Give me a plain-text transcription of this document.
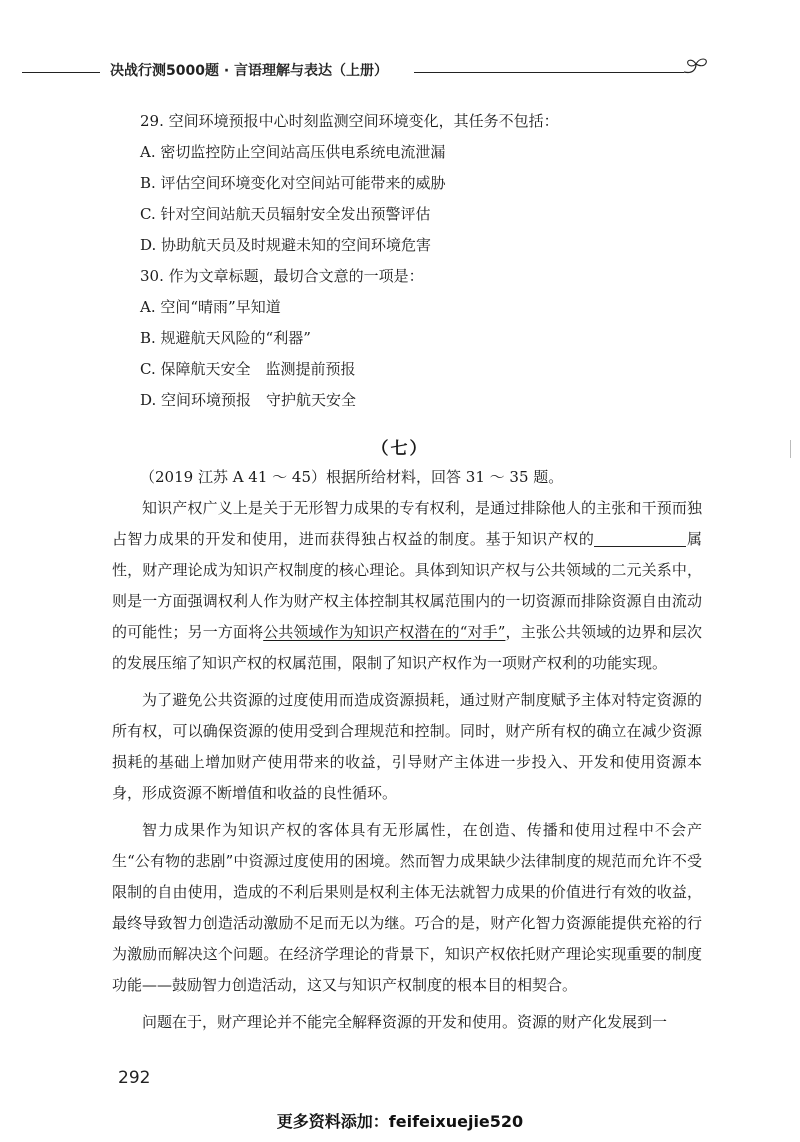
决战行测5000题 · 言语理解与表达（上册）
29. 空间环境预报中心时刻监测空间环境变化，其任务不包括：
A. 密切监控防止空间站高压供电系统电流泄漏
B. 评估空间环境变化对空间站可能带来的威胁
C. 针对空间站航天员辐射安全发出预警评估
D. 协助航天员及时规避未知的空间环境危害
30. 作为文章标题，最切合文意的一项是：
A. 空间“晴雨”早知道
B. 规避航天风险的“利器”
C. 保障航天安全　监测提前预报
D. 空间环境预报　守护航天安全
（七）
（2019 江苏 A 41 ～ 45）根据所给材料，回答 31 ～ 35 题。

知识产权广义上是关于无形智力成果的专有权利，是通过排除他人的主张和干预而独占智力成果的开发和使用，进而获得独占权益的制度。基于知识产权的	属性，财产理论成为知识产权制度的核心理论。具体到知识产权与公共领域的二元关系中，则是一方面强调权利人作为财产权主体控制其权属范围内的一切资源而排除资源自由流动的可能性；另一方面将公共领域作为知识产权潜在的“对手”，主张公共领域的边界和层次的发展压缩了知识产权的权属范围，限制了知识产权作为一项财产权利的功能实现。

为了避免公共资源的过度使用而造成资源损耗，通过财产制度赋予主体对特定资源的所有权，可以确保资源的使用受到合理规范和控制。同时，财产所有权的确立在减少资源损耗的基础上增加财产使用带来的收益，引导财产主体进一步投入、开发和使用资源本身，形成资源不断增值和收益的良性循环。

智力成果作为知识产权的客体具有无形属性，在创造、传播和使用过程中不会产生“公有物的悲剧”中资源过度使用的困境。然而智力成果缺少法律制度的规范而允许不受限制的自由使用，造成的不利后果则是权利主体无法就智力成果的价值进行有效的收益，最终导致智力创造活动激励不足而无以为继。巧合的是，财产化智力资源能提供充裕的行为激励而解决这个问题。在经济学理论的背景下，知识产权依托财产理论实现重要的制度功能——鼓励智力创造活动，这又与知识产权制度的根本目的相契合。

问题在于，财产理论并不能完全解释资源的开发和使用。资源的财产化发展到一

292
更多资料添加：feifeixuejie520
